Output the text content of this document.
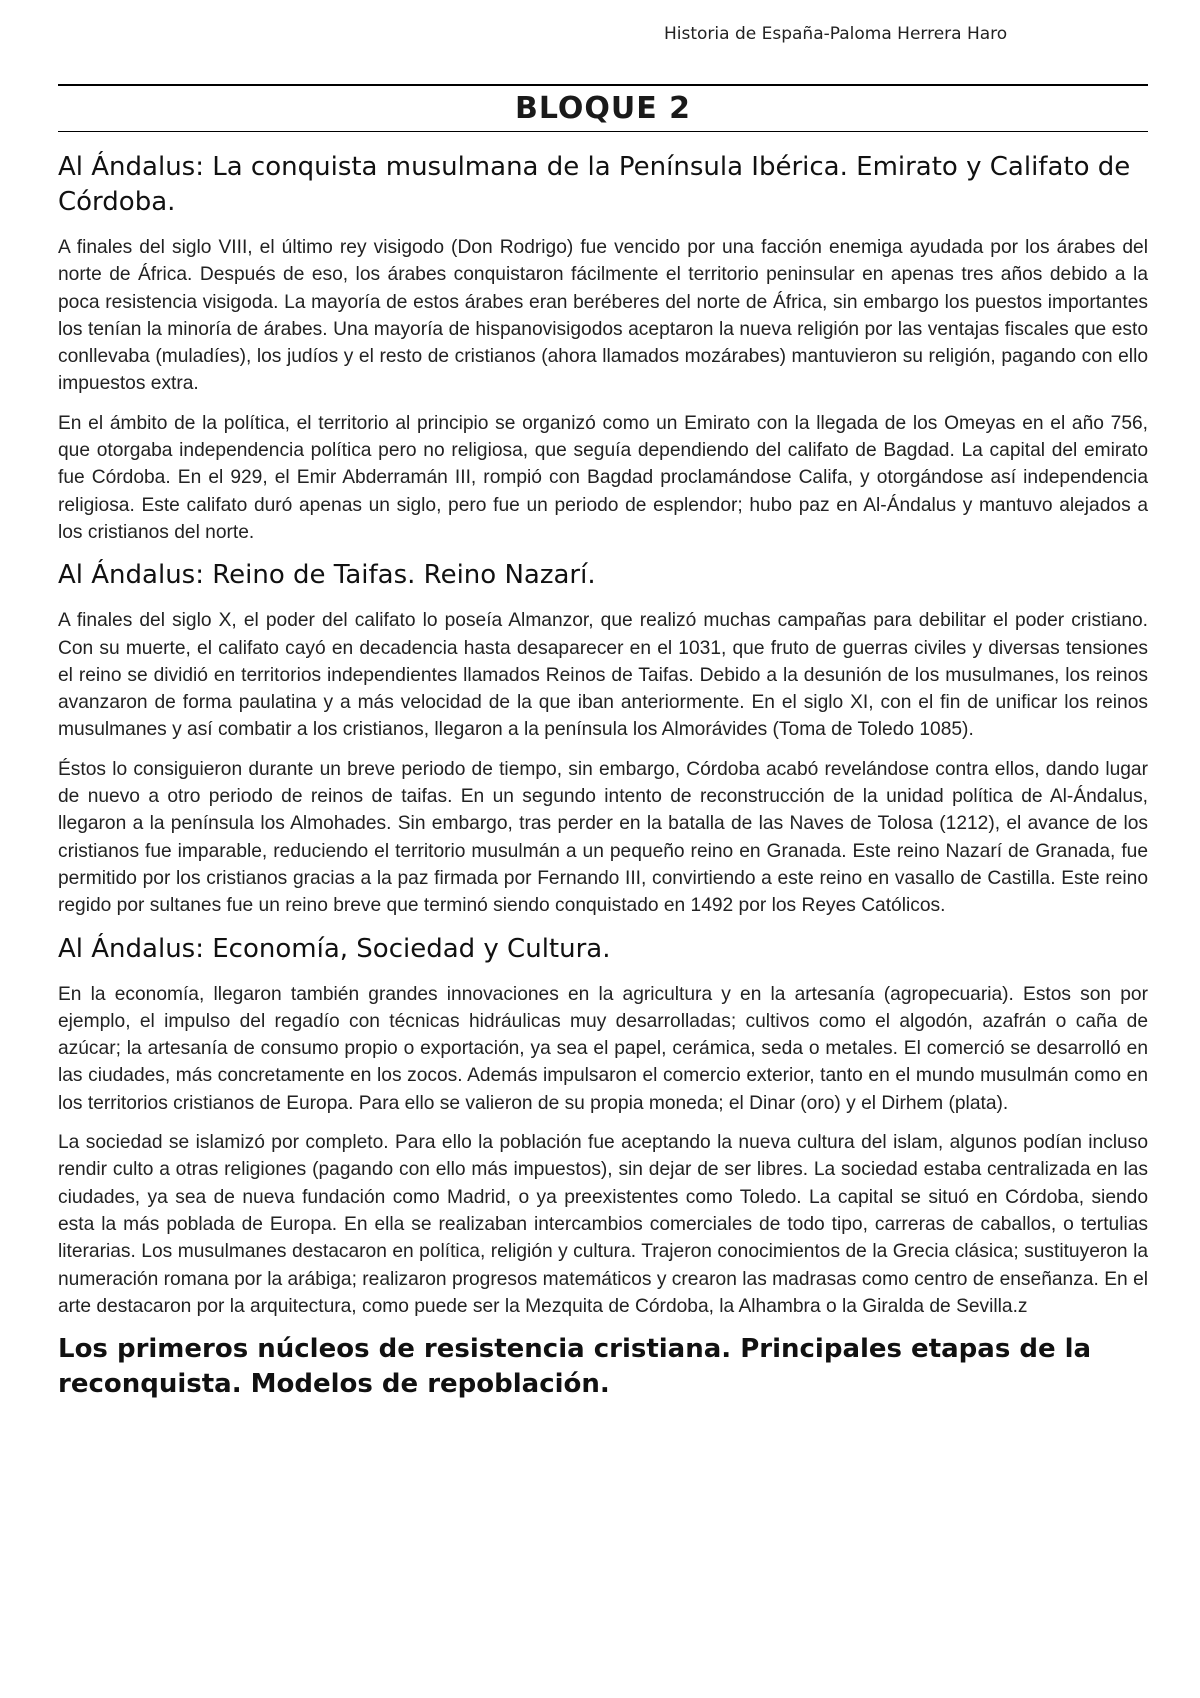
Historia de España-Paloma Herrera Haro
BLOQUE 2
Al Ándalus: La conquista musulmana de la Península Ibérica. Emirato y Califato de Córdoba.

A finales del siglo VIII, el último rey visigodo (Don Rodrigo) fue vencido por una facción enemiga ayudada por los árabes del norte de África. Después de eso, los árabes conquistaron fácilmente el territorio peninsular en apenas tres años debido a la poca resistencia visigoda. La mayoría de estos árabes eran beréberes del norte de África, sin embargo los puestos importantes los tenían la minoría de árabes. Una mayoría de hispanovisigodos aceptaron la nueva religión por las ventajas fiscales que esto conllevaba (muladíes), los judíos y el resto de cristianos (ahora llamados mozárabes) mantuvieron su religión, pagando con ello impuestos extra.

En el ámbito de la política, el territorio al principio se organizó como un Emirato con la llegada de los Omeyas en el año 756, que otorgaba independencia política pero no religiosa, que seguía dependiendo del califato de Bagdad. La capital del emirato fue Córdoba. En el 929, el Emir Abderramán III, rompió con Bagdad proclamándose Califa, y otorgándose así independencia religiosa. Este califato duró apenas un siglo, pero fue un periodo de esplendor; hubo paz en Al-Ándalus y mantuvo alejados a los cristianos del norte.

Al Ándalus: Reino de Taifas. Reino Nazarí.

A finales del siglo X, el poder del califato lo poseía Almanzor, que realizó muchas campañas para debilitar el poder cristiano. Con su muerte, el califato cayó en decadencia hasta desaparecer en el 1031, que fruto de guerras civiles y diversas tensiones el reino se dividió en territorios independientes llamados Reinos de Taifas. Debido a la desunión de los musulmanes, los reinos avanzaron de forma paulatina y a más velocidad de la que iban anteriormente. En el siglo XI, con el fin de unificar los reinos musulmanes y así combatir a los cristianos, llegaron a la península los Almorávides (Toma de Toledo 1085).

Éstos lo consiguieron durante un breve periodo de tiempo, sin embargo, Córdoba acabó revelándose contra ellos, dando lugar de nuevo a otro periodo de reinos de taifas. En un segundo intento de reconstrucción de la unidad política de Al-Ándalus, llegaron a la península los Almohades. Sin embargo, tras perder en la batalla de las Naves de Tolosa (1212), el avance de los cristianos fue imparable, reduciendo el territorio musulmán a un pequeño reino en Granada. Este reino Nazarí de Granada, fue permitido por los cristianos gracias a la paz firmada por Fernando III, convirtiendo a este reino en vasallo de Castilla. Este reino regido por sultanes fue un reino breve que terminó siendo conquistado en 1492 por los Reyes Católicos.

Al Ándalus: Economía, Sociedad y Cultura.

En la economía, llegaron también grandes innovaciones en la agricultura y en la artesanía (agropecuaria). Estos son por ejemplo, el impulso del regadío con técnicas hidráulicas muy desarrolladas; cultivos como el algodón, azafrán o caña de azúcar; la artesanía de consumo propio o exportación, ya sea el papel, cerámica, seda o metales. El comerció se desarrolló en las ciudades, más concretamente en los zocos. Además impulsaron el comercio exterior, tanto en el mundo musulmán como en los territorios cristianos de Europa. Para ello se valieron de su propia moneda; el Dinar (oro) y el Dirhem (plata).

La sociedad se islamizó por completo. Para ello la población fue aceptando la nueva cultura del islam, algunos podían incluso rendir culto a otras religiones (pagando con ello más impuestos), sin dejar de ser libres. La sociedad estaba centralizada en las ciudades, ya sea de nueva fundación como Madrid, o ya preexistentes como Toledo. La capital se situó en Córdoba, siendo esta la más poblada de Europa. En ella se realizaban intercambios comerciales de todo tipo, carreras de caballos, o tertulias literarias. Los musulmanes destacaron en política, religión y cultura. Trajeron conocimientos de la Grecia clásica; sustituyeron la numeración romana por la arábiga; realizaron progresos matemáticos y crearon las madrasas como centro de enseñanza. En el arte destacaron por la arquitectura, como puede ser la Mezquita de Córdoba, la Alhambra o la Giralda de Sevilla.z

Los primeros núcleos de resistencia cristiana. Principales etapas de la reconquista. Modelos de repoblación.
